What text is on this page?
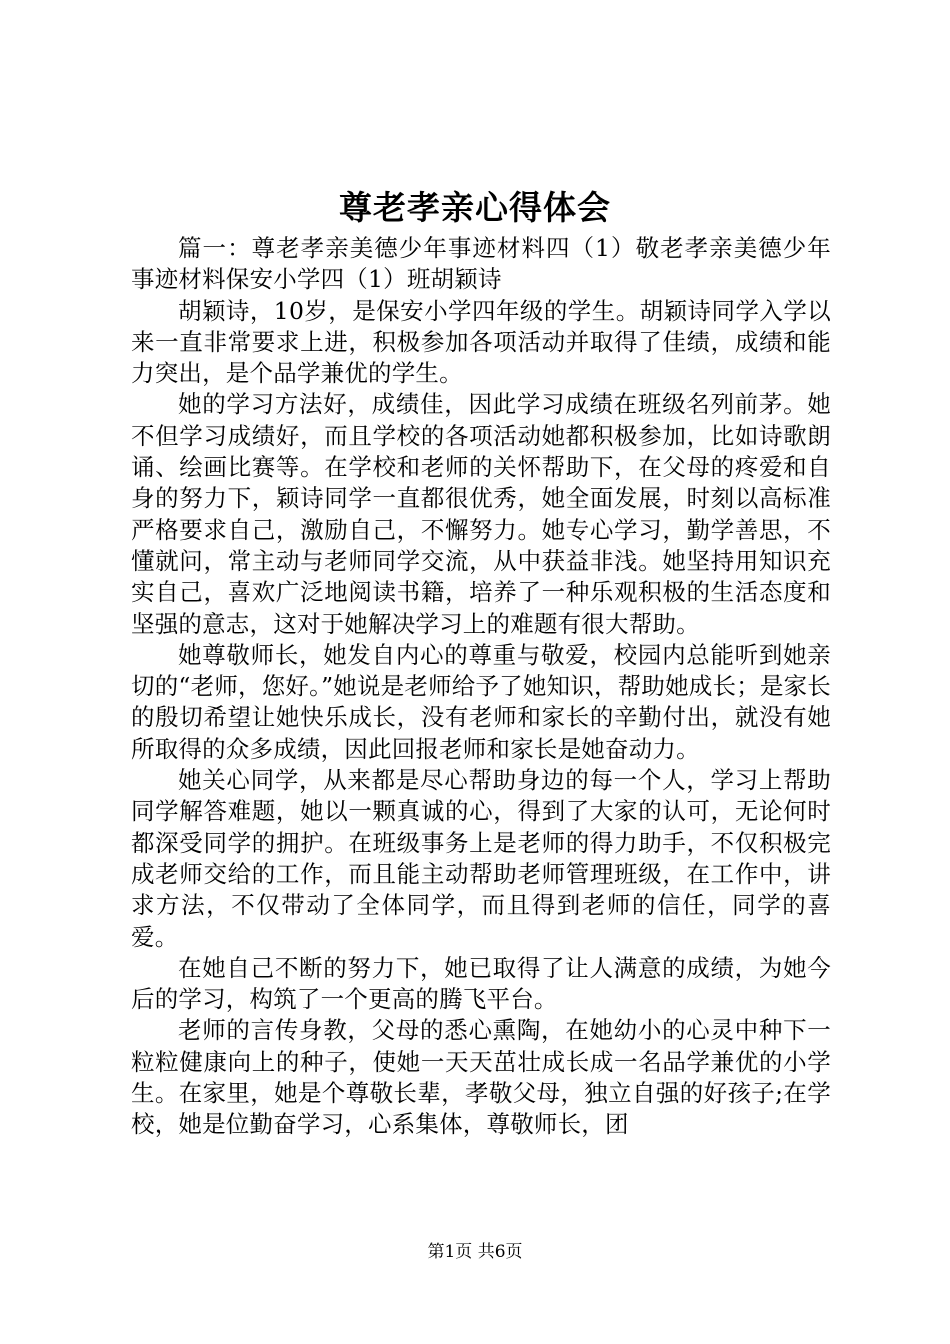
尊老孝亲心得体会

篇一：尊老孝亲美德少年事迹材料四（1）敬老孝亲美德少年事迹材料保安小学四（1）班胡颖诗

胡颖诗，10岁，是保安小学四年级的学生。胡颖诗同学入学以来一直非常要求上进，积极参加各项活动并取得了佳绩，成绩和能力突出，是个品学兼优的学生。

她的学习方法好，成绩佳，因此学习成绩在班级名列前茅。她不但学习成绩好，而且学校的各项活动她都积极参加，比如诗歌朗诵、绘画比赛等。在学校和老师的关怀帮助下，在父母的疼爱和自身的努力下，颖诗同学一直都很优秀，她全面发展，时刻以高标准严格要求自己，激励自己，不懈努力。她专心学习，勤学善思，不懂就问，常主动与老师同学交流，从中获益非浅。她坚持用知识充实自己，喜欢广泛地阅读书籍，培养了一种乐观积极的生活态度和坚强的意志，这对于她解决学习上的难题有很大帮助。

她尊敬师长，她发自内心的尊重与敬爱，校园内总能听到她亲切的“老师，您好。”她说是老师给予了她知识，帮助她成长；是家长的殷切希望让她快乐成长，没有老师和家长的辛勤付出，就没有她所取得的众多成绩，因此回报老师和家长是她奋动力。

她关心同学，从来都是尽心帮助身边的每一个人，学习上帮助同学解答难题，她以一颗真诚的心，得到了大家的认可，无论何时都深受同学的拥护。在班级事务上是老师的得力助手，不仅积极完成老师交给的工作，而且能主动帮助老师管理班级，在工作中，讲求方法，不仅带动了全体同学，而且得到老师的信任，同学的喜爱。

在她自己不断的努力下，她已取得了让人满意的成绩，为她今后的学习，构筑了一个更高的腾飞平台。

老师的言传身教，父母的悉心熏陶，在她幼小的心灵中种下一粒粒健康向上的种子，使她一天天茁壮成长成一名品学兼优的小学生。在家里，她是个尊敬长辈，孝敬父母，独立自强的好孩子;在学校，她是位勤奋学习，心系集体，尊敬师长，团

第1页 共6页
